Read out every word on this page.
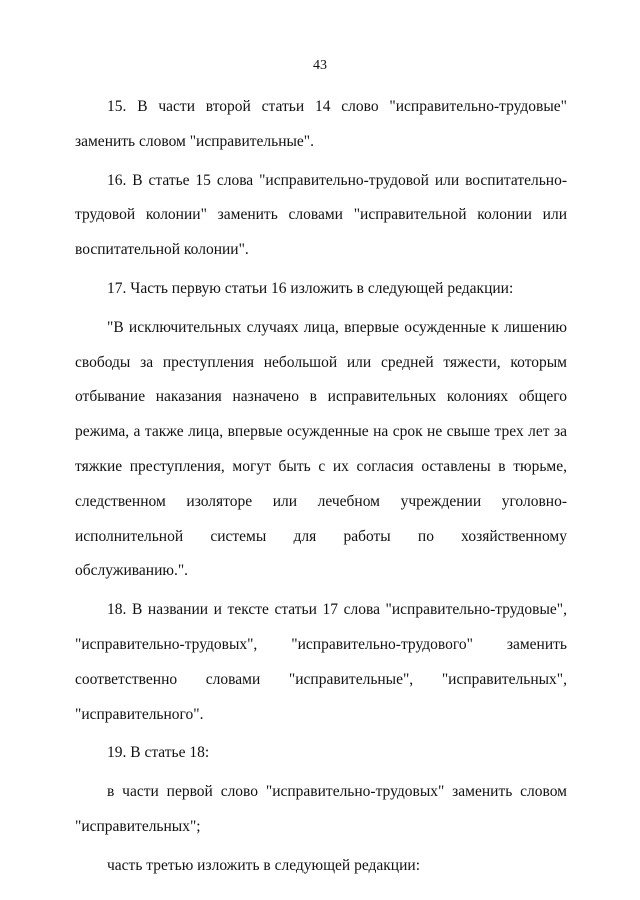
43

15. В части второй статьи 14 слово "исправительно-трудовые" заменить словом "исправительные".

16. В статье 15 слова "исправительно-трудовой или воспитательно-трудовой колонии" заменить словами "исправительной колонии или воспитательной колонии".

17. Часть первую статьи 16 изложить в следующей редакции:

"В исключительных случаях лица, впервые осужденные к лишению свободы за преступления небольшой или средней тяжести, которым отбывание наказания назначено в исправительных колониях общего режима, а также лица, впервые осужденные на срок не свыше трех лет за тяжкие преступления, могут быть с их согласия оставлены в тюрьме, следственном изоляторе или лечебном учреждении уголовно-исполнительной системы для работы по хозяйственному обслуживанию.".

18. В названии и тексте статьи 17 слова "исправительно-трудовые", "исправительно-трудовых", "исправительно-трудового" заменить соответственно словами "исправительные", "исправительных", "исправительного".

19. В статье 18:

в части первой слово "исправительно-трудовых" заменить словом "исправительных";

часть третью изложить в следующей редакции:
